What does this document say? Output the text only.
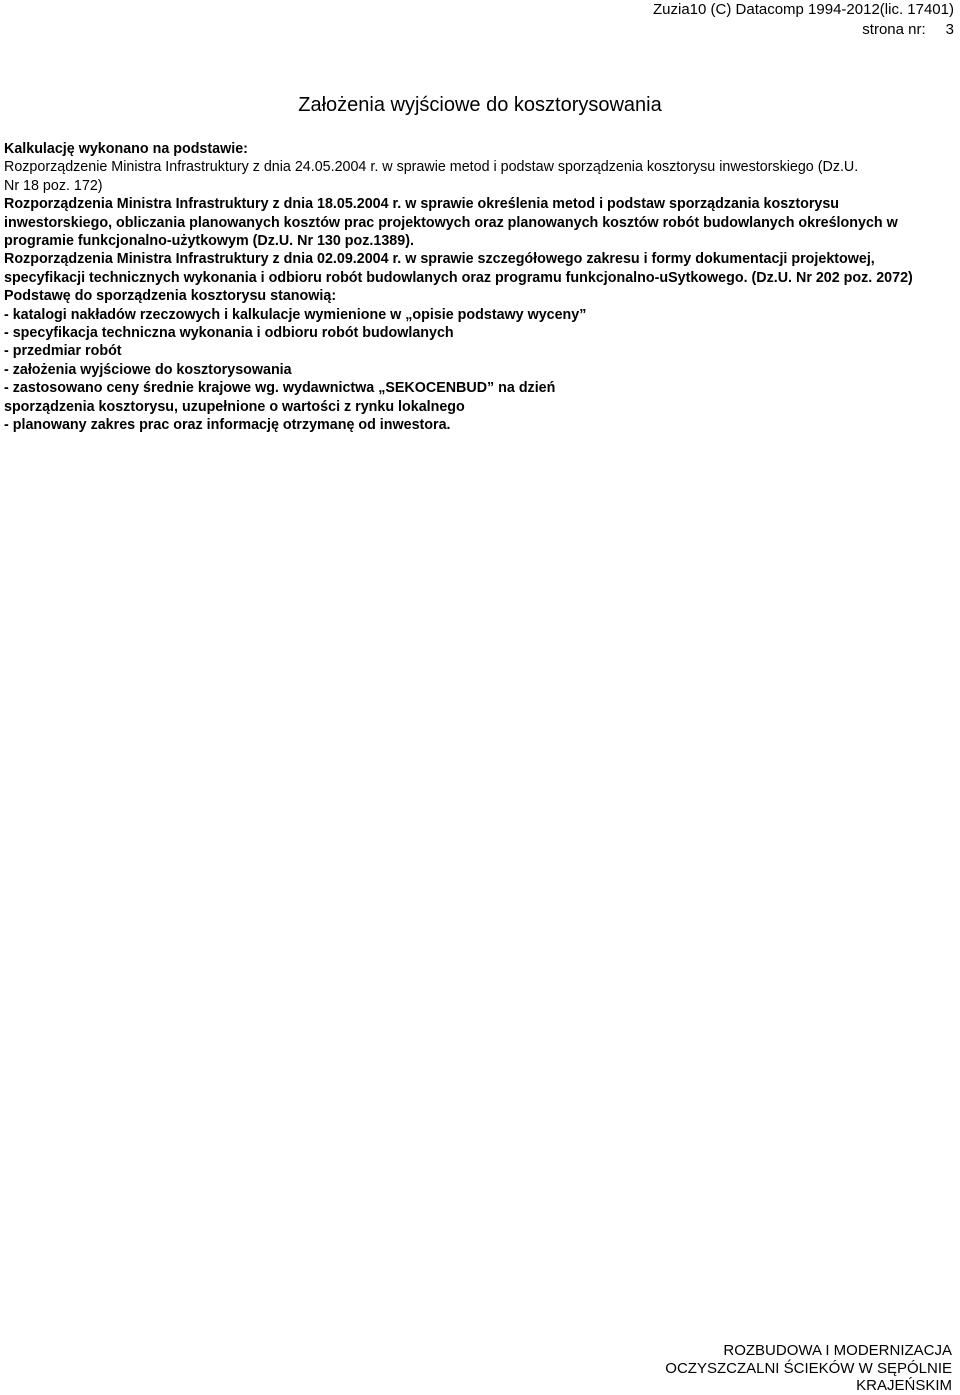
Zuzia10 (C) Datacomp 1994-2012(lic. 17401)
strona nr: 3
Założenia wyjściowe do kosztorysowania
Kalkulację wykonano na podstawie:
Rozporządzenie Ministra Infrastruktury z dnia 24.05.2004 r. w sprawie metod i podstaw sporządzenia kosztorysu inwestorskiego (Dz.U.
Nr 18 poz. 172)
Rozporządzenia Ministra Infrastruktury z dnia 18.05.2004 r. w sprawie określenia metod i podstaw sporządzania kosztorysu
inwestorskiego, obliczania planowanych kosztów prac projektowych oraz planowanych kosztów robót budowlanych określonych w
programie funkcjonalno-użytkowym (Dz.U. Nr 130 poz.1389).
Rozporządzenia Ministra Infrastruktury z dnia 02.09.2004 r. w sprawie szczegółowego zakresu i formy dokumentacji projektowej,
specyfikacji technicznych wykonania i odbioru robót budowlanych oraz programu funkcjonalno-uSytkowego. (Dz.U. Nr 202 poz. 2072)
Podstawę do sporządzenia kosztorysu stanowią:
- katalogi nakładów rzeczowych i kalkulacje wymienione w „opisie podstawy wyceny”
- specyfikacja techniczna wykonania i odbioru robót budowlanych
- przedmiar robót
- założenia wyjściowe do kosztorysowania
- zastosowano ceny średnie krajowe wg. wydawnictwa „SEKOCENBUD” na dzień
sporządzenia kosztorysu, uzupełnione o wartości z rynku lokalnego
- planowany zakres prac oraz informację otrzymanę od inwestora.
ROZBUDOWA I MODERNIZACJA
OCZYSZCZALNI ŚCIEKÓW W SĘPÓLNIE
KRAJEŃSKIM
